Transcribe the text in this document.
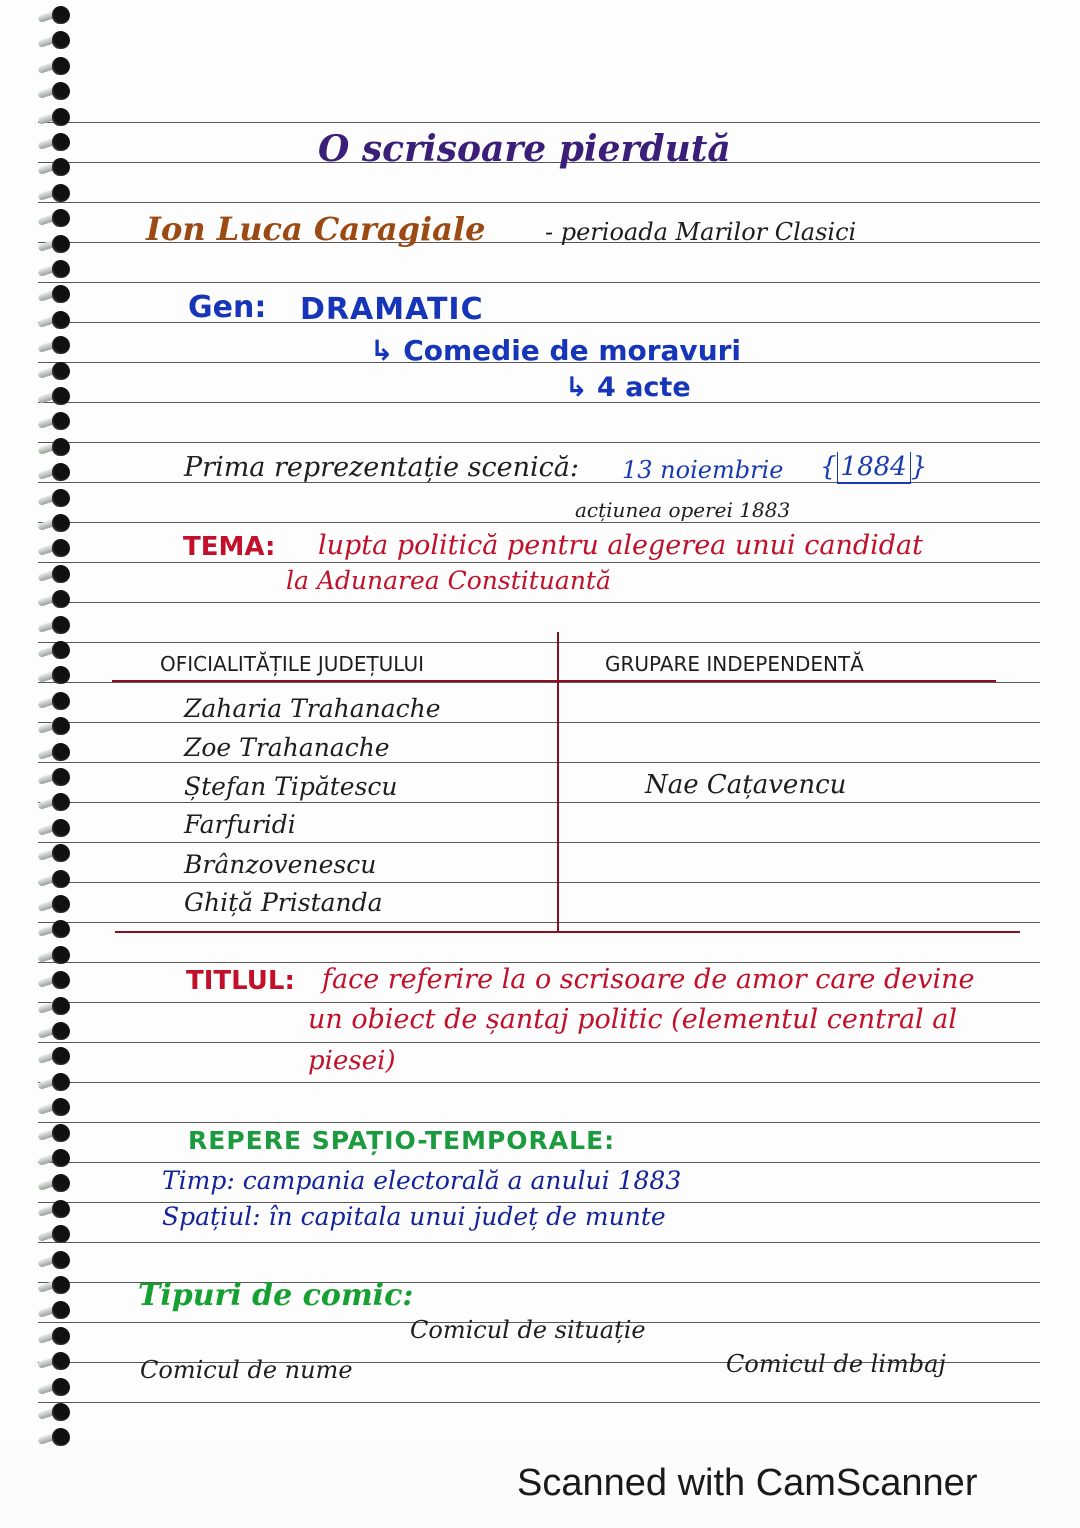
O scrisoare pierdută
Ion Luca Caragiale - perioada Marilor Clasici
Gen: DRAMATIC
↳ Comedie de moravuri
↳ 4 acte
Prima reprezentație scenică: 13 noiembrie { 1884 }
acțiunea operei 1883
TEMA: lupta politică pentru alegerea unui candidat
la Adunarea Constituantă
OFICIALITĂȚILE JUDEȚULUI	GRUPARE INDEPENDENTĂ
Zaharia Trahanache
Zoe Trahanache
Ștefan Tipătescu
Farfuridi
Brânzovenescu
Ghiță Pristanda
Nae Cațavencu
TITLUL: face referire la o scrisoare de amor care devine
un obiect de șantaj politic (elementul central al
piesei)
REPERE SPAȚIO-TEMPORALE:
Timp: campania electorală a anului 1883
Spațiul: în capitala unui județ de munte
Tipuri de comic:
Comicul de situație
Comicul de nume	Comicul de limbaj
Scanned with CamScanner
